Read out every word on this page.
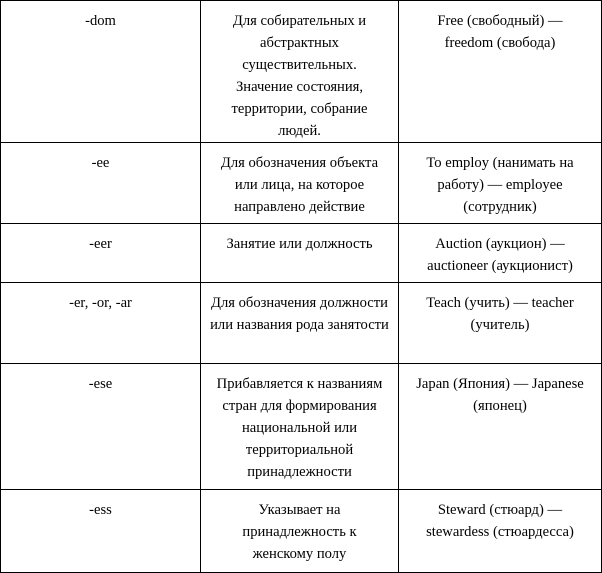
-dom	Для собирательных и абстрактных существительных. Значение состояния, территории, собрание людей.	Free (свободный) — freedom (свобода)
-ee	Для обозначения объекта или лица, на которое направлено действие	To employ (нанимать на работу) — employee (сотрудник)
-eer	Занятие или должность	Auction (аукцион) — auctioneer (аукционист)
-er, -or, -ar	Для обозначения должности или названия рода занятости	Teach (учить) — teacher (учитель)
-ese	Прибавляется к названиям стран для формирования национальной или территориальной принадлежности	Japan (Япония) — Japanese (японец)
-ess	Указывает на принадлежность к женскому полу	Steward (стюард) — stewardess (стюардесса)
